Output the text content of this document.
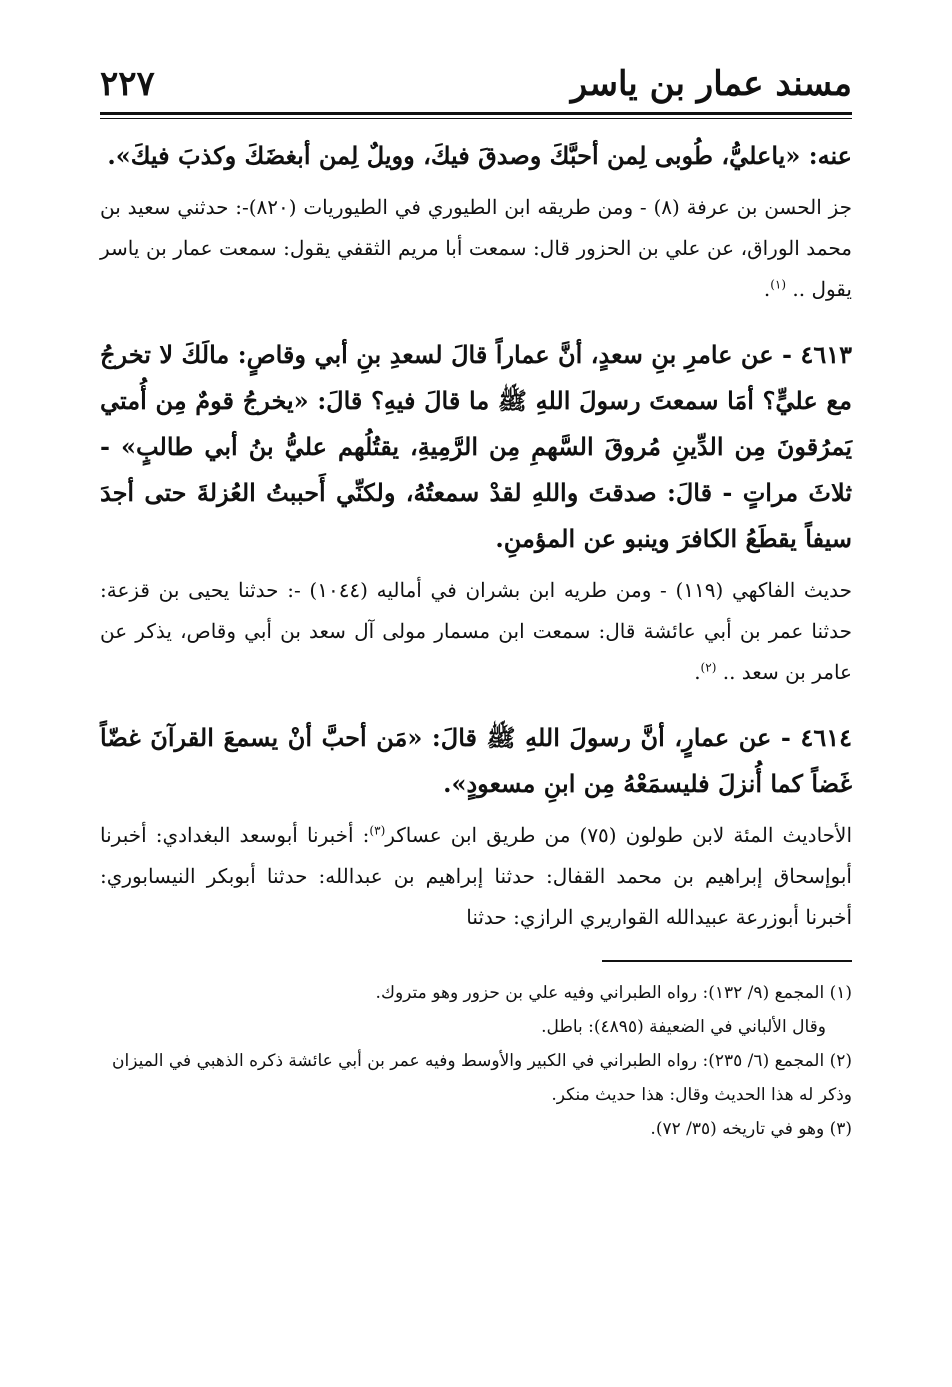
مسند عمار بن ياسر
٢٢٧

عنه: «ياعليُّ، طُوبى لِمن أحبَّكَ وصدقَ فيكَ، وويلٌ لِمن أبغضَكَ وكذبَ فيكَ».

جز الحسن بن عرفة (٨) - ومن طريقه ابن الطيوري في الطيوريات (٨٢٠)-: حدثني سعيد بن محمد الوراق، عن علي بن الحزور قال: سمعت أبا مريم الثقفي يقول: سمعت عمار بن ياسر يقول .. $^{(١)}$.

٤٦١٣ - عن عامرِ بنِ سعدٍ، أنَّ عماراً قالَ لسعدِ بنِ أبي وقاصٍ: مالَكَ لا تخرجُ مع عليٍّ؟ أمَا سمعتَ رسولَ اللهِ ﷺ ما قالَ فيهِ؟ قالَ: «يخرجُ قومٌ مِن أُمتي يَمرُقونَ مِن الدِّينِ مُروقَ السَّهمِ مِن الرَّمِيةِ، يقتُلُهم عليُّ بنُ أبي طالبٍ» - ثلاثَ مراتٍ - قالَ: صدقتَ واللهِ لقدْ سمعتُهُ، ولكنِّي أَحببتُ العُزلةَ حتى أجدَ سيفاً يقطَعُ الكافرَ وينبو عن المؤمنِ.

حديث الفاكهي (١١٩) - ومن طريه ابن بشران في أماليه (١٠٤٤) -: حدثنا يحيى بن قزعة: حدثنا عمر بن أبي عائشة قال: سمعت ابن مسمار مولى آل سعد بن أبي وقاص، يذكر عن عامر بن سعد .. $^{(٢)}$.

٤٦١٤ - عن عمارٍ، أنَّ رسولَ اللهِ ﷺ قالَ: «مَن أحبَّ أنْ يسمعَ القرآنَ غضّاً غَضاً كما أُنزلَ فليسمَعْهُ مِن ابنِ مسعودٍ».

الأحاديث المئة لابن طولون (٧٥) من طريق ابن عساكر$^{(٣)}$: أخبرنا أبوسعد البغدادي: أخبرنا أبوإسحاق إبراهيم بن محمد القفال: حدثنا إبراهيم بن عبدالله: حدثنا أبوبكر النيسابوري: أخبرنا أبوزرعة عبيدالله القواريري الرازي: حدثنا

(١) المجمع (٩/ ١٣٢): رواه الطبراني وفيه علي بن حزور وهو متروك.

وقال الألباني في الضعيفة (٤٨٩٥): باطل.

(٢) المجمع (٦/ ٢٣٥): رواه الطبراني في الكبير والأوسط وفيه عمر بن أبي عائشة ذكره الذهبي في الميزان وذكر له هذا الحديث وقال: هذا حديث منكر.

(٣) وهو في تاريخه (٣٥/ ٧٢).
